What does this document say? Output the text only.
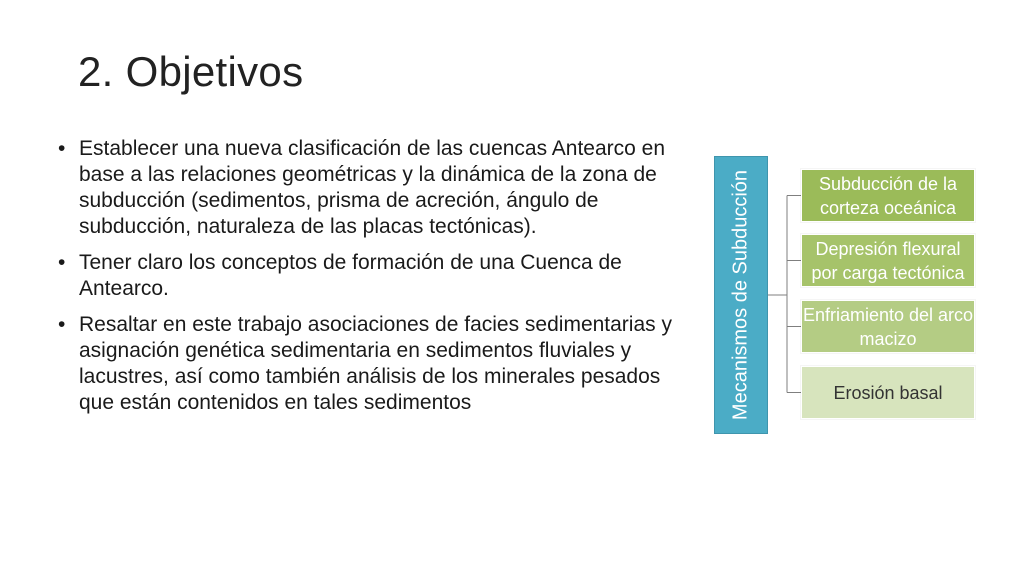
2. Objetivos
• Establecer una nueva clasificación de las cuencas Antearco en base a las relaciones geométricas y la dinámica de la zona de subducción (sedimentos, prisma de acreción, ángulo de subducción, naturaleza de las placas tectónicas).
• Tener claro los conceptos de formación de una Cuenca de Antearco.
• Resaltar en este trabajo asociaciones de facies sedimentarias y asignación genética sedimentaria en sedimentos fluviales y lacustres, así como también análisis de los minerales pesados que están contenidos en tales sedimentos	Mecanismos de Subducción	Subducción de la corteza oceánica
Depresión flexural por carga tectónica
Enfriamiento del arco macizo
Erosión basal
